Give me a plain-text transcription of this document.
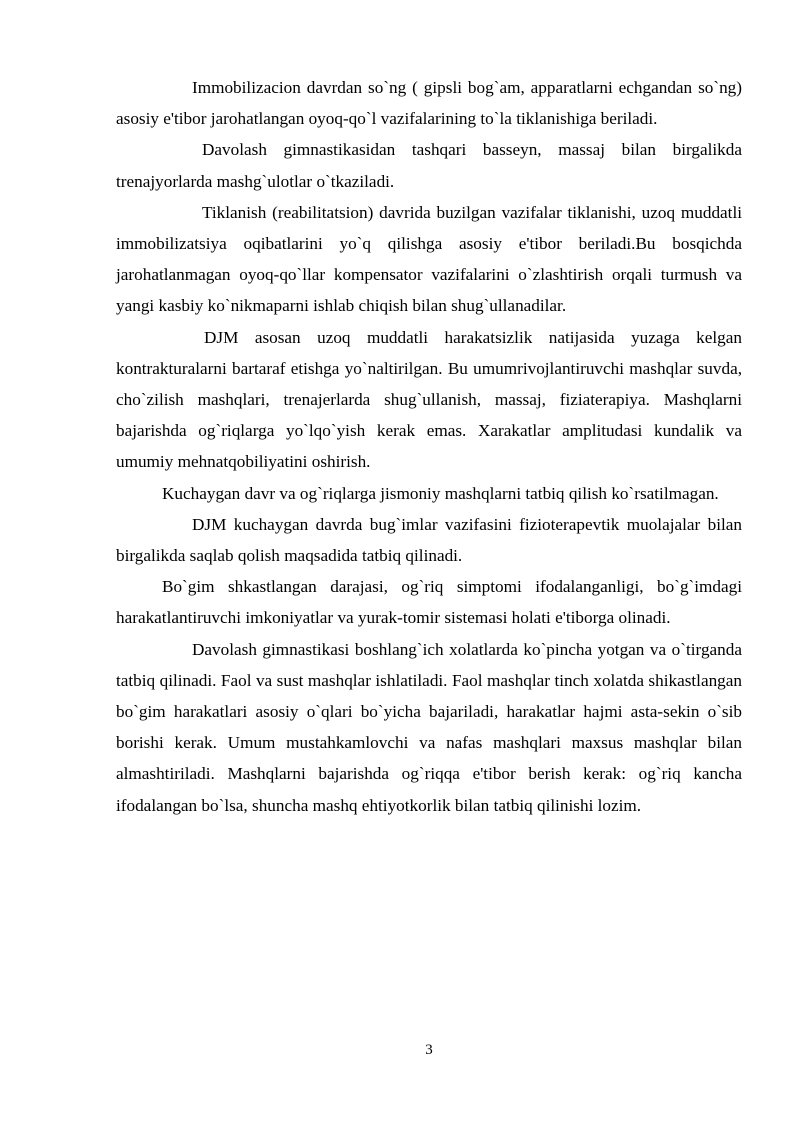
Immobilizacion davrdan so`ng ( gipsli bog`am, apparatlarni echgandan so`ng) asosiy e'tibor jarohatlangan oyoq-qo`l vazifalarining to`la tiklanishiga beriladi.

Davolash gimnastikasidan tashqari basseyn, massaj bilan birgalikda trenajyorlarda mashg`ulotlar o`tkaziladi.

Tiklanish (reabilitatsion) davrida buzilgan vazifalar tiklanishi, uzoq muddatli immobilizatsiya oqibatlarini yo`q qilishga asosiy e'tibor beriladi.Bu bosqichda jarohatlanmagan oyoq-qo`llar kompensator vazifalarini o`zlashtirish orqali turmush va yangi kasbiy ko`nikmaparni ishlab chiqish bilan shug`ullanadilar.

DJM asosan uzoq muddatli harakatsizlik natijasida yuzaga kelgan kontrakturalarni bartaraf etishga yo`naltirilgan. Bu umumrivojlantiruvchi mashqlar suvda, cho`zilish mashqlari, trenajerlarda shug`ullanish, massaj, fiziaterapiya. Mashqlarni bajarishda og`riqlarga yo`lqo`yish kerak emas. Xarakatlar amplitudasi kundalik va umumiy mehnatqobiliyatini oshirish.

Kuchaygan davr va og`riqlarga jismoniy mashqlarni tatbiq qilish ko`rsatilmagan.

DJM kuchaygan davrda bug`imlar vazifasini fizioterapevtik muolajalar bilan birgalikda saqlab qolish maqsadida tatbiq qilinadi.

Bo`gim shkastlangan darajasi, og`riq simptomi ifodalanganligi, bo`g`imdagi harakatlantiruvchi imkoniyatlar va yurak-tomir sistemasi holati e'tiborga olinadi.

Davolash gimnastikasi boshlang`ich xolatlarda ko`pincha yotgan va o`tirganda tatbiq qilinadi. Faol va sust mashqlar ishlatiladi. Faol mashqlar tinch xolatda shikastlangan bo`gim harakatlari asosiy o`qlari bo`yicha bajariladi, harakatlar hajmi asta-sekin o`sib borishi kerak. Umum mustahkamlovchi va nafas mashqlari maxsus mashqlar bilan almashtiriladi. Mashqlarni bajarishda og`riqqa e'tibor berish kerak: og`riq kancha ifodalangan bo`lsa, shuncha mashq ehtiyotkorlik bilan tatbiq qilinishi lozim.

3
